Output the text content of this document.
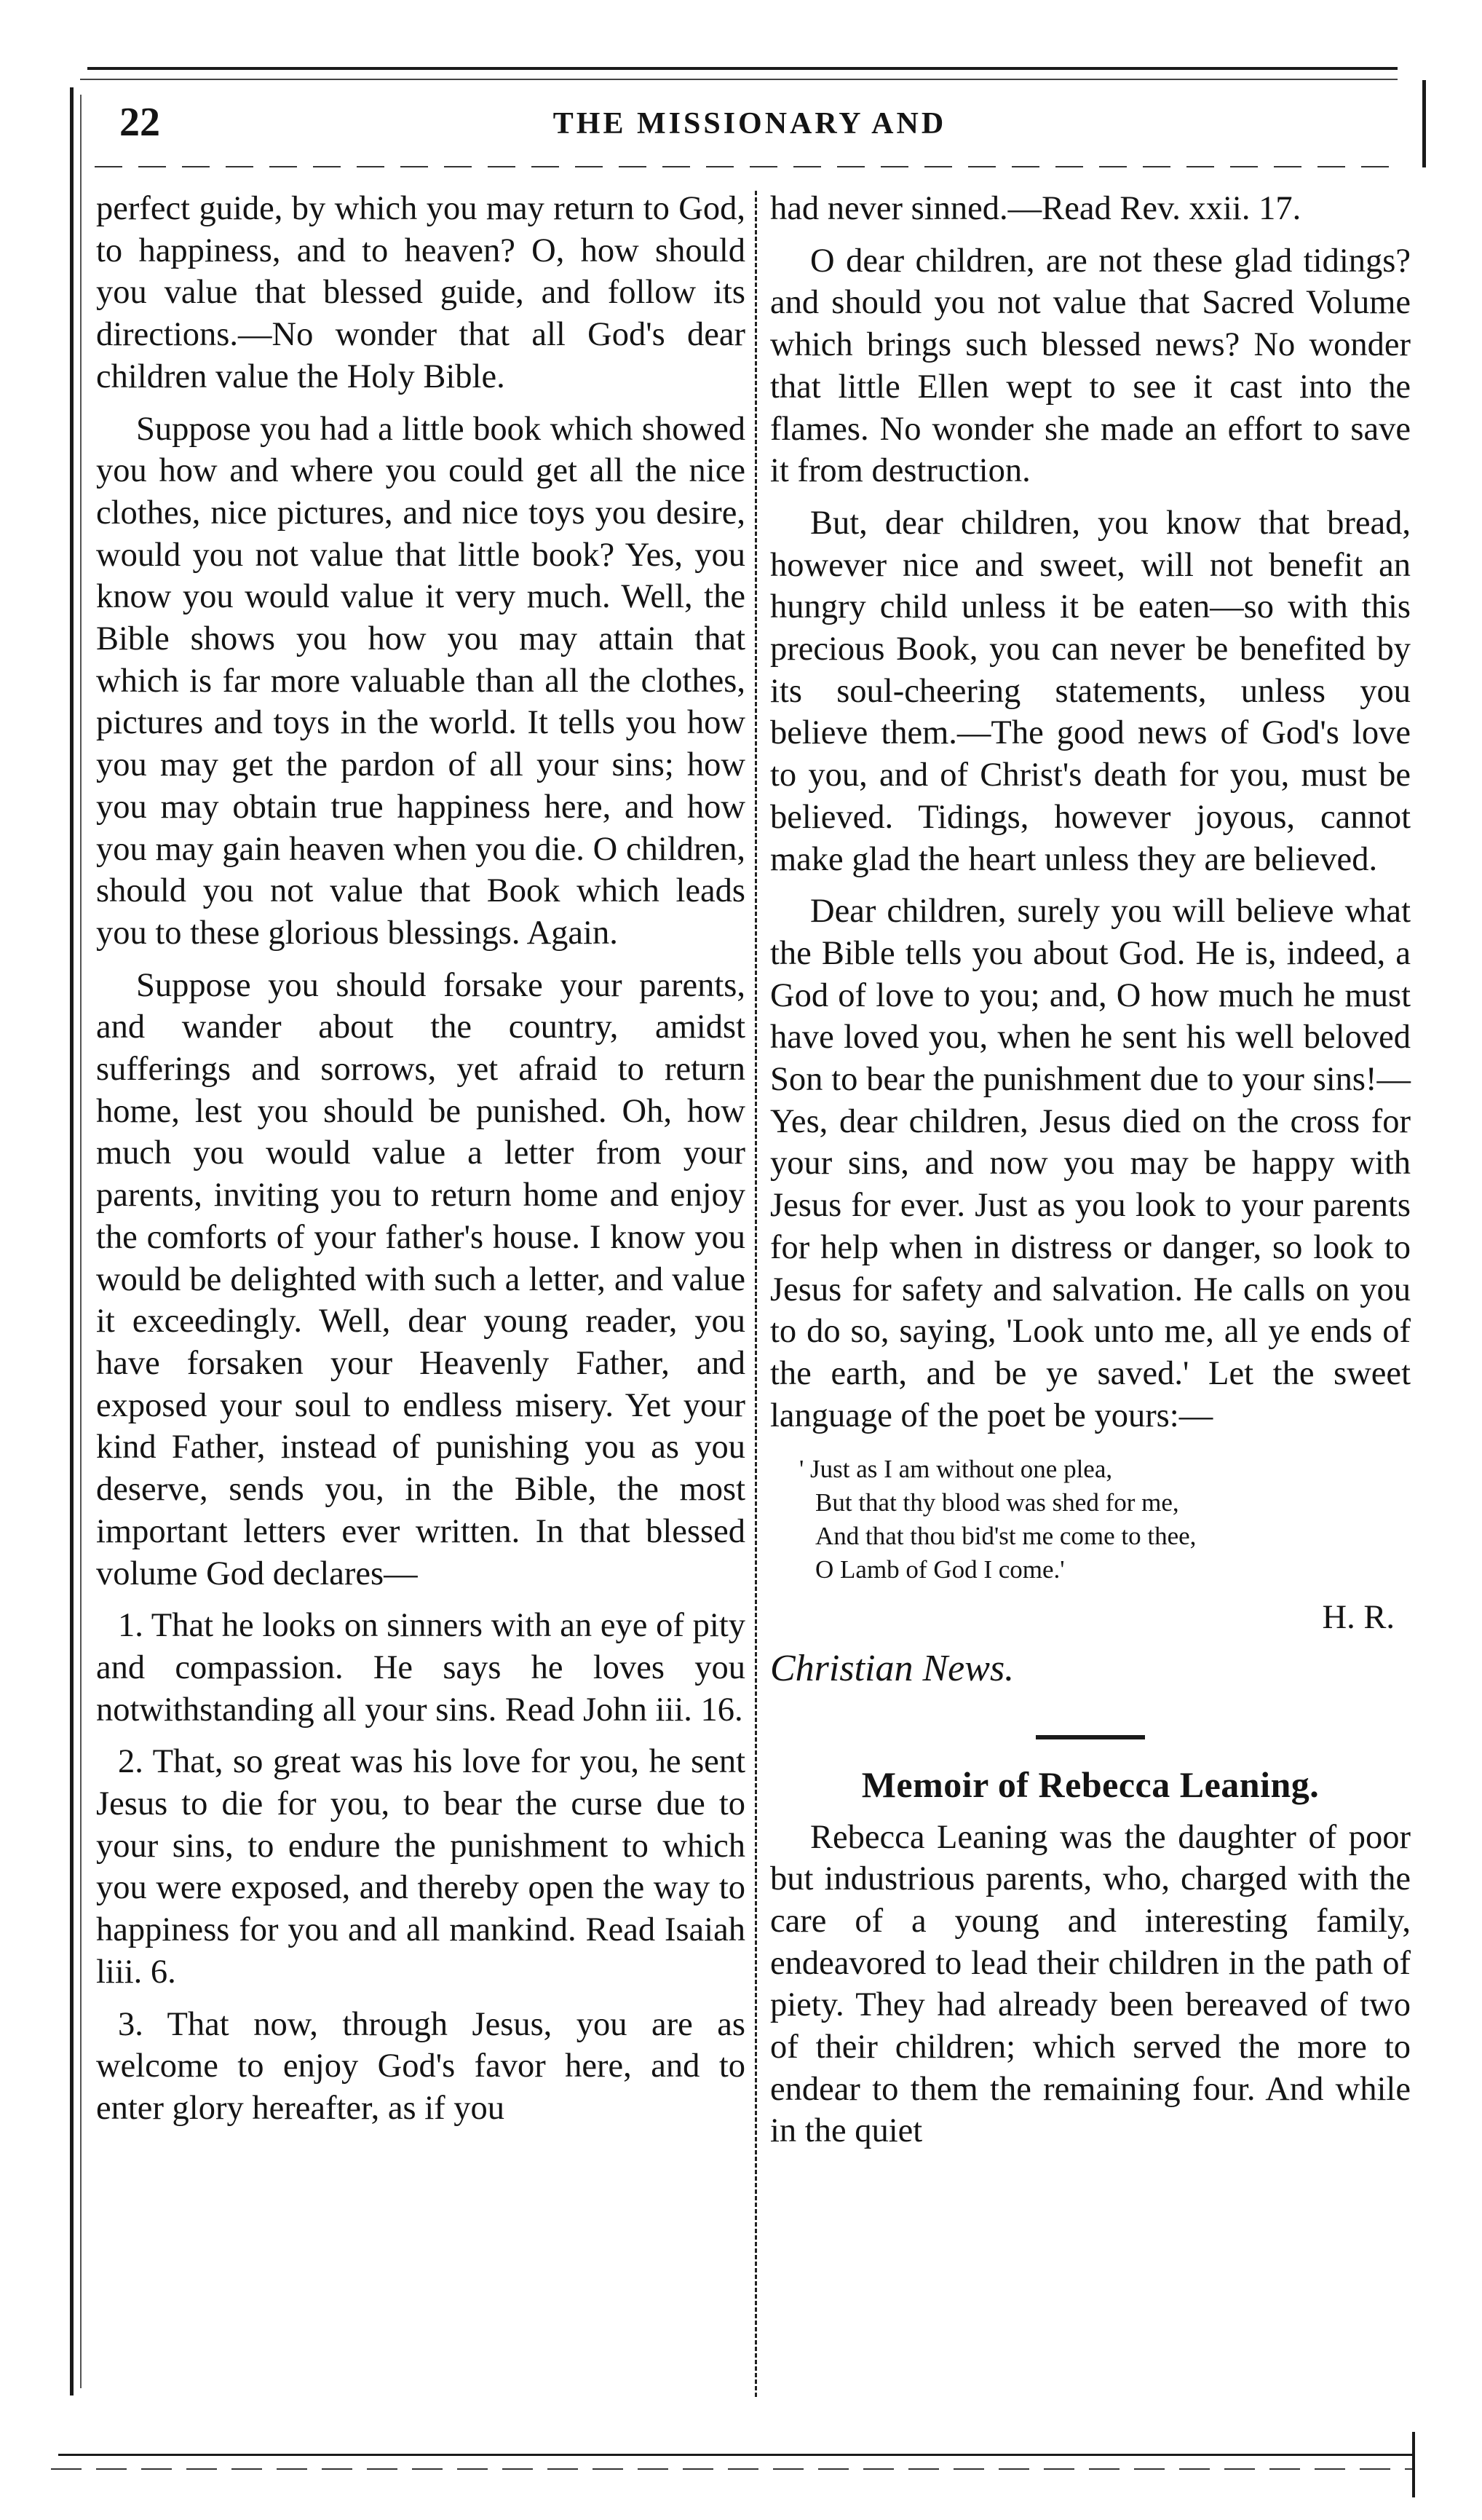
22	THE MISSIONARY AND

perfect guide, by which you may return to God, to happiness, and to heaven? O, how should you value that blessed guide, and follow its directions.—No wonder that all God's dear children value the Holy Bible.

Suppose you had a little book which showed you how and where you could get all the nice clothes, nice pictures, and nice toys you desire, would you not value that little book? Yes, you know you would value it very much. Well, the Bible shows you how you may attain that which is far more valuable than all the clothes, pictures and toys in the world. It tells you how you may get the pardon of all your sins; how you may obtain true happiness here, and how you may gain heaven when you die. O children, should you not value that Book which leads you to these glorious blessings. Again.

Suppose you should forsake your parents, and wander about the country, amidst sufferings and sorrows, yet afraid to return home, lest you should be punished. Oh, how much you would value a letter from your parents, inviting you to return home and enjoy the comforts of your father's house. I know you would be delighted with such a letter, and value it exceedingly. Well, dear young reader, you have forsaken your Heavenly Father, and exposed your soul to endless misery. Yet your kind Father, instead of punishing you as you deserve, sends you, in the Bible, the most important letters ever written. In that blessed volume God declares—

1. That he looks on sinners with an eye of pity and compassion. He says he loves you notwithstanding all your sins. Read John iii. 16.

2. That, so great was his love for you, he sent Jesus to die for you, to bear the curse due to your sins, to endure the punishment to which you were exposed, and thereby open the way to happiness for you and all mankind. Read Isaiah liii. 6.

3. That now, through Jesus, you are as welcome to enjoy God's favor here, and to enter glory hereafter, as if you

had never sinned.—Read Rev. xxii. 17.

O dear children, are not these glad tidings? and should you not value that Sacred Volume which brings such blessed news? No wonder that little Ellen wept to see it cast into the flames. No wonder she made an effort to save it from destruction.

But, dear children, you know that bread, however nice and sweet, will not benefit an hungry child unless it be eaten—so with this precious Book, you can never be benefited by its soul-cheering statements, unless you believe them.—The good news of God's love to you, and of Christ's death for you, must be believed. Tidings, however joyous, cannot make glad the heart unless they are believed.

Dear children, surely you will believe what the Bible tells you about God. He is, indeed, a God of love to you; and, O how much he must have loved you, when he sent his well beloved Son to bear the punishment due to your sins!—Yes, dear children, Jesus died on the cross for your sins, and now you may be happy with Jesus for ever. Just as you look to your parents for help when in distress or danger, so look to Jesus for safety and salvation. He calls on you to do so, saying, 'Look unto me, all ye ends of the earth, and be ye saved.' Let the sweet language of the poet be yours:—

' Just as I am without one plea,
But that thy blood was shed for me,
And that thou bid'st me come to thee,
O Lamb of God I come.'
H. R.
Christian News.
Memoir of Rebecca Leaning.

Rebecca Leaning was the daughter of poor but industrious parents, who, charged with the care of a young and interesting family, endeavored to lead their children in the path of piety. They had already been bereaved of two of their children; which served the more to endear to them the remaining four. And while in the quiet
